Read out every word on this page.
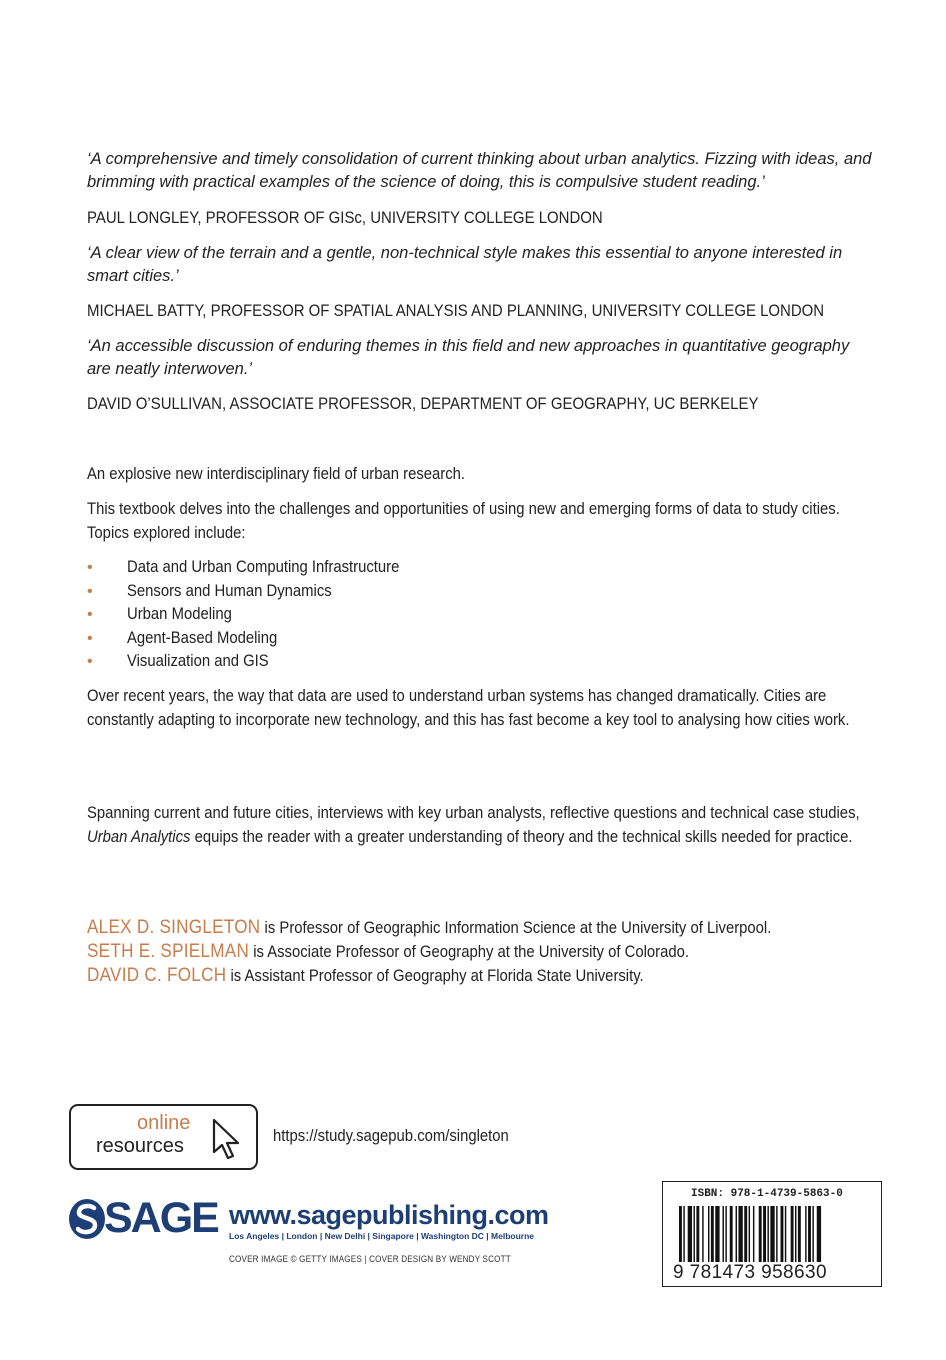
‘A comprehensive and timely consolidation of current thinking about urban analytics. Fizzing with ideas, and brimming with practical examples of the science of doing, this is compulsive student reading.’
PAUL LONGLEY, PROFESSOR OF GISc, UNIVERSITY COLLEGE LONDON
‘A clear view of the terrain and a gentle, non-technical style makes this essential to anyone interested in smart cities.’
MICHAEL BATTY, PROFESSOR OF SPATIAL ANALYSIS AND PLANNING, UNIVERSITY COLLEGE LONDON
‘An accessible discussion of enduring themes in this field and new approaches in quantitative geography are neatly interwoven.’
DAVID O’SULLIVAN, ASSOCIATE PROFESSOR, DEPARTMENT OF GEOGRAPHY, UC BERKELEY
An explosive new interdisciplinary field of urban research.
This textbook delves into the challenges and opportunities of using new and emerging forms of data to study cities. Topics explored include:
• Data and Urban Computing Infrastructure
• Sensors and Human Dynamics
• Urban Modeling
• Agent-Based Modeling
• Visualization and GIS
Over recent years, the way that data are used to understand urban systems has changed dramatically. Cities are constantly adapting to incorporate new technology, and this has fast become a key tool to analysing how cities work.
Spanning current and future cities, interviews with key urban analysts, reflective questions and technical case studies, Urban Analytics equips the reader with a greater understanding of theory and the technical skills needed for practice.
ALEX D. SINGLETON is Professor of Geographic Information Science at the University of Liverpool.
SETH E. SPIELMAN is Associate Professor of Geography at the University of Colorado.
DAVID C. FOLCH is Assistant Professor of Geography at Florida State University.
online
resources	https://study.sagepub.com/singleton
SAGE www.sagepublishing.com
Los Angeles | London | New Delhi | Singapore | Washington DC | Melbourne
COVER IMAGE © GETTY IMAGES | COVER DESIGN BY WENDY SCOTT
ISBN: 978-1-4739-5863-0
9 781473 958630
